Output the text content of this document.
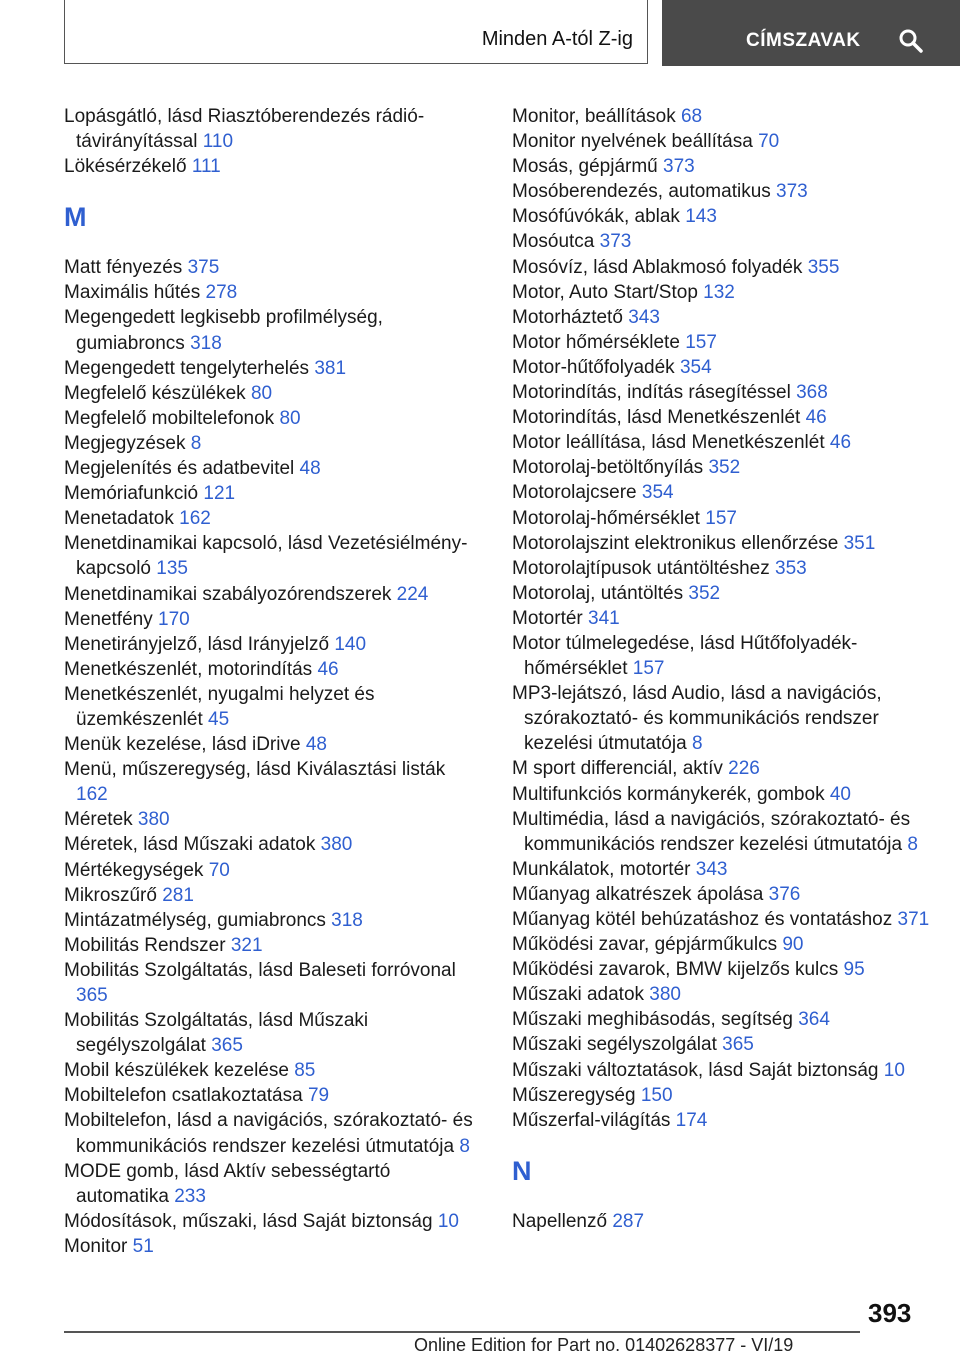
Minden A-tól Z-ig	CÍMSZAVAK
Lopásgátló, lásd Riasztóberendezés rádió-távirányítással 110
Lökésérzékelő 111
M
Matt fényezés 375
Maximális hűtés 278
Megengedett legkisebb profilmélység, gumiabroncs 318
Megengedett tengelyterhelés 381
Megfelelő készülékek 80
Megfelelő mobiltelefonok 80
Megjegyzések 8
Megjelenítés és adatbevitel 48
Memóriafunkció 121
Menetadatok 162
Menetdinamikai kapcsoló, lásd Vezetésiélmény-kapcsoló 135
Menetdinamikai szabályozórendszerek 224
Menetfény 170
Menetirányjelző, lásd Irányjelző 140
Menetkészenlét, motorindítás 46
Menetkészenlét, nyugalmi helyzet és üzemkészenlét 45
Menük kezelése, lásd iDrive 48
Menü, műszeregység, lásd Kiválasztási listák 162
Méretek 380
Méretek, lásd Műszaki adatok 380
Mértékegységek 70
Mikroszűrő 281
Mintázatmélység, gumiabroncs 318
Mobilitás Rendszer 321
Mobilitás Szolgáltatás, lásd Baleseti forróvonal 365
Mobilitás Szolgáltatás, lásd Műszaki segélyszolgálat 365
Mobil készülékek kezelése 85
Mobiltelefon csatlakoztatása 79
Mobiltelefon, lásd a navigációs, szórakoztató- és kommunikációs rendszer kezelési útmutatója 8
MODE gomb, lásd Aktív sebességtartó automatika 233
Módosítások, műszaki, lásd Saját biztonság 10
Monitor 51
Monitor, beállítások 68
Monitor nyelvének beállítása 70
Mosás, gépjármű 373
Mosóberendezés, automatikus 373
Mosófúvókák, ablak 143
Mosóutca 373
Mosóvíz, lásd Ablakmosó folyadék 355
Motor, Auto Start/Stop 132
Motorháztető 343
Motor hőmérséklete 157
Motor-hűtőfolyadék 354
Motorindítás, indítás rásegítéssel 368
Motorindítás, lásd Menetkészenlét 46
Motor leállítása, lásd Menetkészenlét 46
Motorolaj-betöltőnyílás 352
Motorolajcsere 354
Motorolaj-hőmérséklet 157
Motorolajszint elektronikus ellenőrzése 351
Motorolajtípusok utántöltéshez 353
Motorolaj, utántöltés 352
Motortér 341
Motor túlmelegedése, lásd Hűtőfolyadék-hőmérséklet 157
MP3-lejátszó, lásd Audio, lásd a navigációs, szórakoztató- és kommunikációs rendszer kezelési útmutatója 8
M sport differenciál, aktív 226
Multifunkciós kormánykerék, gombok 40
Multimédia, lásd a navigációs, szórakoztató- és kommunikációs rendszer kezelési útmutatója 8
Munkálatok, motortér 343
Műanyag alkatrészek ápolása 376
Műanyag kötél behúzatáshoz és vontatáshoz 371
Működési zavar, gépjárműkulcs 90
Működési zavarok, BMW kijelzős kulcs 95
Műszaki adatok 380
Műszaki meghibásodás, segítség 364
Műszaki segélyszolgálat 365
Műszaki változtatások, lásd Saját biztonság 10
Műszeregység 150
Műszerfal-világítás 174
N
Napellenző 287
393
Online Edition for Part no. 01402628377 - VI/19
